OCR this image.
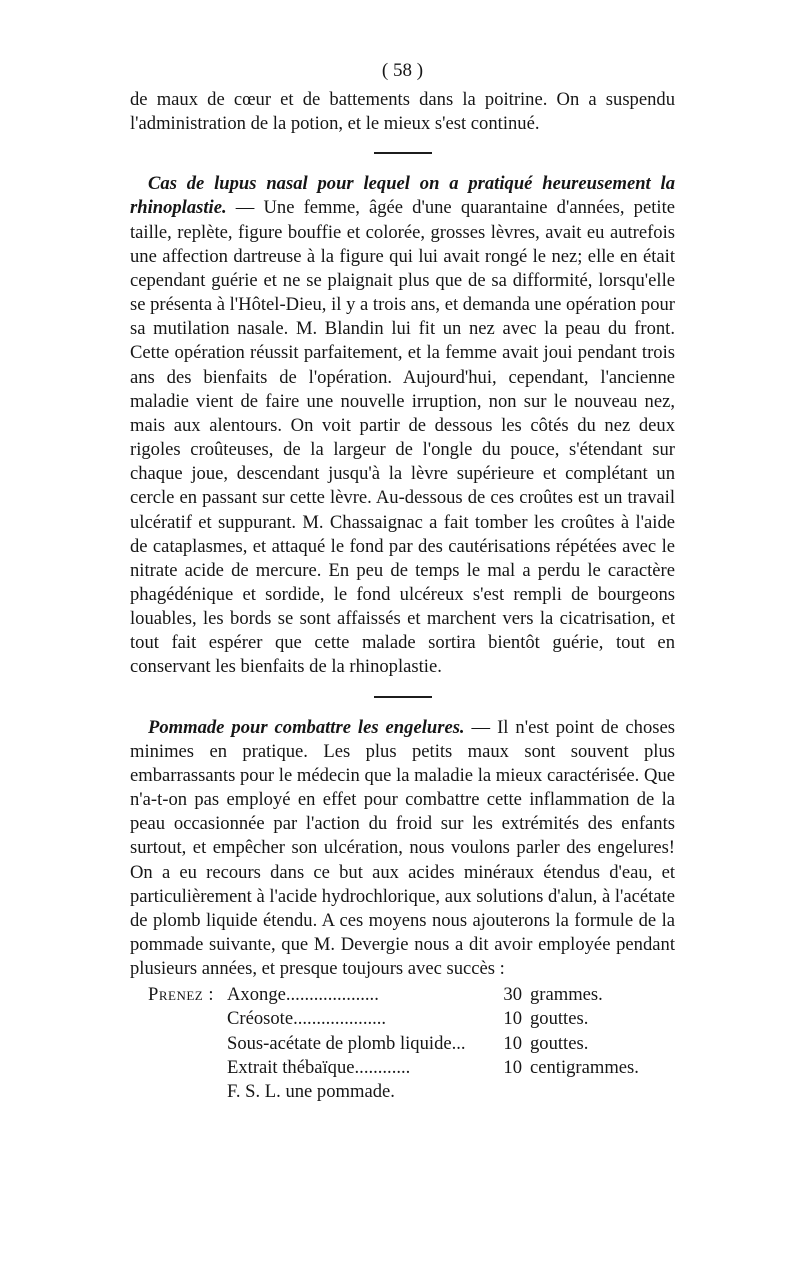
( 58 )

de maux de cœur et de battements dans la poitrine. On a suspendu l'administration de la potion, et le mieux s'est continué.

Cas de lupus nasal pour lequel on a pratiqué heureusement la rhinoplastie. — Une femme, âgée d'une quarantaine d'années, petite taille, replète, figure bouffie et colorée, grosses lèvres, avait eu autrefois une affection dartreuse à la figure qui lui avait rongé le nez; elle en était cependant guérie et ne se plaignait plus que de sa difformité, lorsqu'elle se présenta à l'Hôtel-Dieu, il y a trois ans, et demanda une opération pour sa mutilation nasale. M. Blandin lui fit un nez avec la peau du front. Cette opération réussit parfaitement, et la femme avait joui pendant trois ans des bienfaits de l'opération. Aujourd'hui, cependant, l'ancienne maladie vient de faire une nouvelle irruption, non sur le nouveau nez, mais aux alentours. On voit partir de dessous les côtés du nez deux rigoles croûteuses, de la largeur de l'ongle du pouce, s'étendant sur chaque joue, descendant jusqu'à la lèvre supérieure et complétant un cercle en passant sur cette lèvre. Au-dessous de ces croûtes est un travail ulcératif et suppurant. M. Chassaignac a fait tomber les croûtes à l'aide de cataplasmes, et attaqué le fond par des cautérisations répétées avec le nitrate acide de mercure. En peu de temps le mal a perdu le caractère phagédénique et sordide, le fond ulcéreux s'est rempli de bourgeons louables, les bords se sont affaissés et marchent vers la cicatrisation, et tout fait espérer que cette malade sortira bientôt guérie, tout en conservant les bienfaits de la rhinoplastie.

Pommade pour combattre les engelures. — Il n'est point de choses minimes en pratique. Les plus petits maux sont souvent plus embarrassants pour le médecin que la maladie la mieux caractérisée. Que n'a-t-on pas employé en effet pour combattre cette inflammation de la peau occasionnée par l'action du froid sur les extrémités des enfants surtout, et empêcher son ulcération, nous voulons parler des engelures! On a eu recours dans ce but aux acides minéraux étendus d'eau, et particulièrement à l'acide hydrochlorique, aux solutions d'alun, à l'acétate de plomb liquide étendu. A ces moyens nous ajouterons la formule de la pommade suivante, que M. Devergie nous a dit avoir employée pendant plusieurs années, et presque toujours avec succès :

Prenez : Axonge....................	30 grammes.
Créosote....................	10 gouttes.
Sous-acétate de plomb liquide...	10 gouttes.
Extrait thébaïque............	10 centigrammes.
F. S. L. une pommade.
